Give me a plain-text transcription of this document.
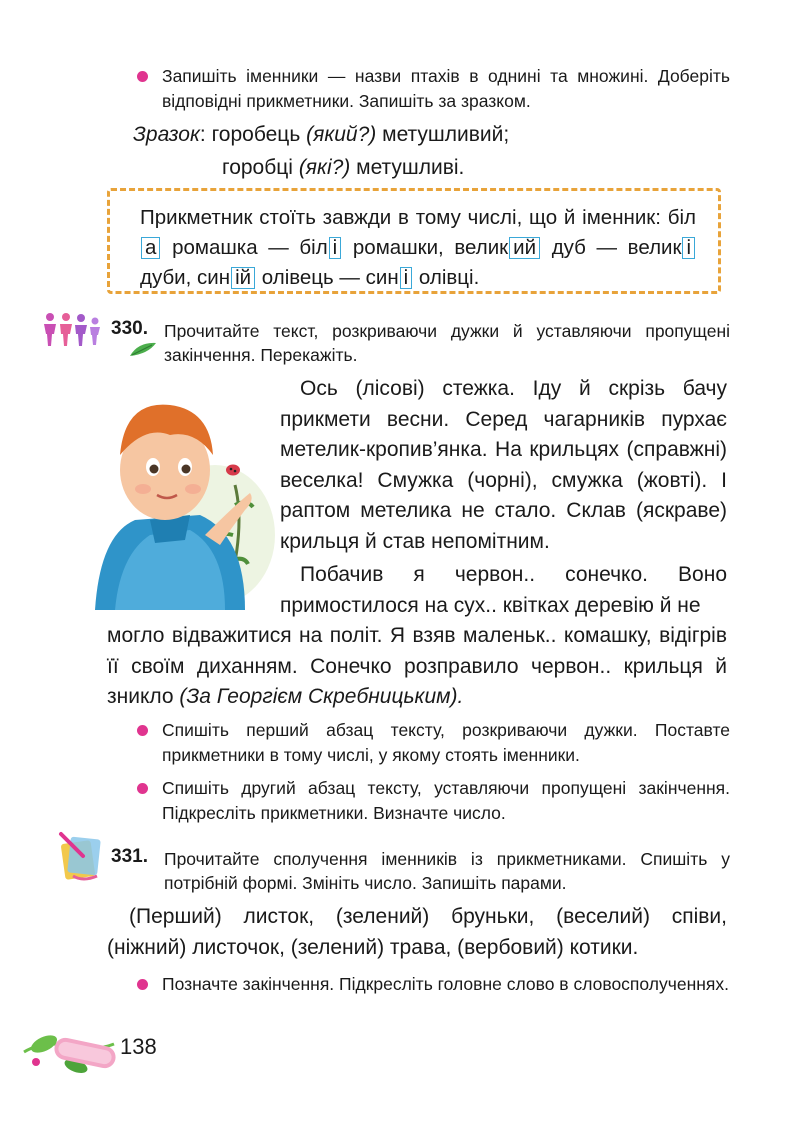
Запишіть іменники — назви птахів в однині та множині. Доберіть відповідні прикметники. Запишіть за зразком.
Зразок: горобець (який?) метушливий;
горобці (які?) метушливі.
Прикметник стоїть завжди в тому числі, що й іменник: біла ромашка — біл і ромашки, велик ий дуб — велик і дуби, син ій олівець — син і олівці.
330. Прочитайте текст, розкриваючи дужки й уставляючи пропущені закінчення. Перекажіть.
Ось (лісові) стежка. Іду й скрізь бачу прикмети весни. Серед чагарників пурхає метелик-кропив’янка. На крильцях (справжні) веселка! Смужка (чорні), смужка (жовті). І раптом метелика не стало. Склав (яскраве) крильця й став непомітним.
Побачив я червон.. сонечко. Воно примостилося на сух.. квітках деревію й не
могло відважитися на політ. Я взяв маленьк.. комашку, відігрів її своїм диханням. Сонечко розправило червон.. крильця й зникло (За Георгієм Скребницьким).
Спишіть перший абзац тексту, розкриваючи дужки. Поставте прикметники в тому числі, у якому стоять іменники.
Спишіть другий абзац тексту, уставляючи пропущені закінчення. Підкресліть прикметники. Визначте число.
331. Прочитайте сполучення іменників із прикметниками. Спишіть у потрібній формі. Змініть число. Запишіть парами.
(Перший) листок, (зелений) бруньки, (веселий) співи, (ніжний) листочок, (зелений) трава, (вербовий) котики.
Позначте закінчення. Підкресліть головне слово в словосполученнях.
138
